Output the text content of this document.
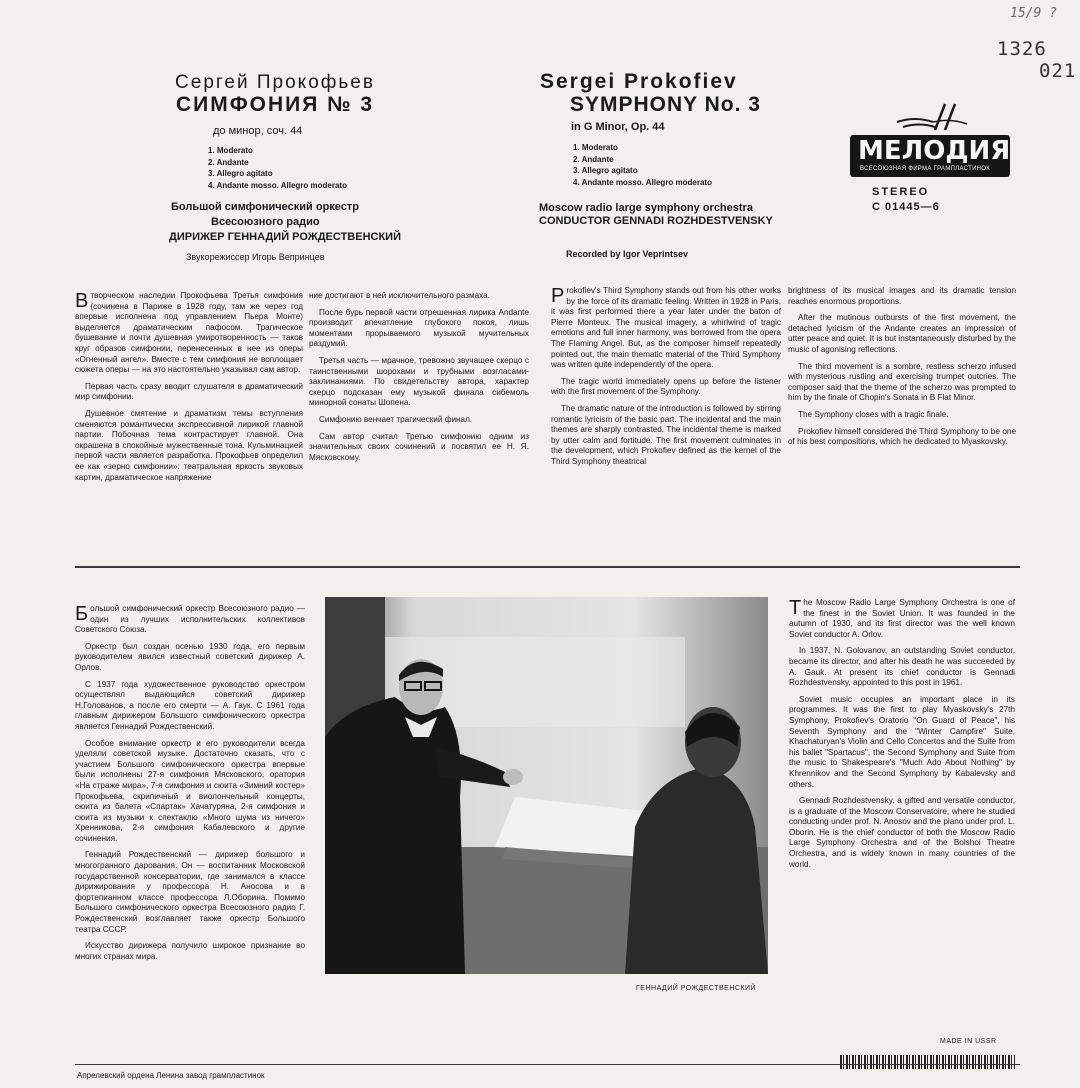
15/9 ?
1326
021
Сергей Прокофьев
СИМФОНИЯ № 3
до минор, соч. 44
1. Moderato
2. Andante
3. Allegro agitato
4. Andante mosso. Allegro moderato
Большой симфонический оркестр
Всесоюзного радио
ДИРИЖЕР ГЕННАДИЙ РОЖДЕСТВЕНСКИЙ
Звукорежиссер Игорь Вепринцев
Sergei Prokofiev
SYMPHONY No. 3
in G Minor, Op. 44
1. Moderato
2. Andante
3. Allegro agitato
4. Andante mosso. Allegro moderato
Moscow radio large symphony orchestra
CONDUCTOR GENNADI ROZHDESTVENSKY
Recorded by Igor Veprintsev
МЕЛОДИЯ
ВСЕСОЮЗНАЯ ФИРМА ГРАМПЛАСТИНОК
STEREO
С 01445—6

Втворческом наследии Прокофьева Третья симфония (сочинена в Париже в 1928 году, там же через год впервые исполнена под управлением Пьера Монте) выделяется драматическим пафосом. Трагическое бушевание и почти душевная умиротворенность — таков круг образов симфонии, перенесенных в нее из оперы «Огненный ангел». Вместе с тем симфония не воплощает сюжета оперы — на это настоятельно указывал сам автор.

Первая часть сразу вводит слушателя в драматический мир симфонии.

Душевное смятение и драматизм темы вступления сменяются романтически экспрессивной лирикой главной партии. Побочная тема контрастирует главной. Она окрашена в спокойные мужественные тона. Кульминацией первой части является разработка. Прокофьев определил ее как «зерно симфонии»: театральная яркость звуковых картин, драматическое напряжение

ние достигают в ней исключительного размаха.

После бурь первой части отрешенная лирика Andante производит впечатление глубокого покоя, лишь моментами прорываемого музыкой мучительных раздумий.

Третья часть — мрачное, тревожно звучащее скерцо с таинственными шорохами и трубными возгласами-заклинаниями. По свидетельству автора, характер скерцо подсказан ему музыкой финала сибемоль минорной сонаты Шопена.

Симфонию венчает трагический финал.

Сам автор считал Третью симфонию одним из значительных своих сочинений и посвятил ее Н. Я. Мясковскому.

Prokofiev's Third Symphony stands out from his other works by the force of its dramatic feeling. Written in 1928 in Paris, it was first performed there a year later under the baton of Pierre Monteux. The musical imagery, a whirlwind of tragic emotions and full inner harmony, was borrowed from the opera The Flaming Angel. But, as the composer himself repeatedly pointed out, the main thematic material of the Third Symphony was written quite independently of the opera.

The tragic world immediately opens up before the listener with the first movement of the Symphony.

The dramatic nature of the introduction is followed by stirring romantic lyricism of the basic part. The incidental and the main themes are sharply contrasted. The incidental theme is marked by utter calm and fortitude. The first movement culminates in the development, which Prokofiev defined as the kernel of the Third Symphony theatrical

brightness of its musical images and its dramatic tension reaches enormous proportions.

After the mutinous outbursts of the first movement, the detached lyricism of the Andante creates an impression of utter peace and quiet. It is but instantaneously disturbed by the music of agonising reflections.

The third movement is a sombre, restless scherzo infused with mysterious rustling and exercising trumpet outcries. The composer said that the theme of the scherzo was prompted to him by the finale of Chopin's Sonata in B Flat Minor.

The Symphony closes with a tragic finale.

Prokofiev himself considered the Third Symphony to be one of his best compositions, which he dedicated to Myaskovsky.

Большой симфонический оркестр Всесоюзного радио — один из лучших исполнительских коллективов Советского Союза.

Оркестр был создан осенью 1930 года, его первым руководителем явился известный советский дирижер А. Орлов.

С 1937 года художественное руководство оркестром осуществлял выдающийся советский дирижер Н.Голованов, а после его смерти — А. Гаук. С 1961 года главным дирижером Большого симфонического оркестра является Геннадий Рождественский.

Особое внимание оркестр и его руководители всегда уделяли советской музыке. Достаточно сказать, что с участием Большого симфонического оркестра впервые были исполнены 27-я симфония Мясковского, оратория «На страже мира», 7-я симфония и сюита «Зимний костер» Прокофьева, скрипичный и виолончельный концерты, сюита из балета «Спартак» Хачатуряна, 2-я симфония и сюита из музыки к спектаклю «Много шума из ничего» Хренникова, 2-я симфония Кабалевского и другие сочинения.

Геннадий Рождественский — дирижер большого и многогранного дарования. Он — воспитанник Московской государственной консерватории, где занимался в классе дирижирования у профессора Н. Аносова и в фортепианном классе профессора Л.Оборина. Помимо Большого симфонического оркестра Всесоюзного радио Г. Рождественский возглавляет также оркестр Большого театра СССР.

Искусство дирижера получило широкое признание во многих странах мира.

The Moscow Radio Large Symphony Orchestra is one of the finest in the Soviet Union. It was founded in the autumn of 1930, and its first director was the well known Soviet conductor A. Orlov.

In 1937, N. Golovanov, an outstanding Soviet conductor, became its director, and after his death he was succeeded by A. Gauk. At present its chief conductor is Gennadi Rozhdestvensky, appointed to this post in 1961.

Soviet music occupies an important place in its programmes. It was the first to play Myaskovsky's 27th Symphony, Prokofiev's Oratorio "On Guard of Peace", his Seventh Symphony and the "Winter Campfire" Suite, Khachaturyan's Violin and Cello Concertos and the Suite from his ballet "Spartacus", the Second Symphony and Suite from the music to Shakespeare's "Much Ado About Nothing" by Khrennikov and the Second Symphony by Kabalevsky and others.

Gennadi Rozhdestvensky, a gifted and versatile conductor, is a graduate of the Moscow Conservatoire, where he studied conducting under prof. N. Anosov and the piano under prof. L. Oborin. He is the chief conductor of both the Moscow Radio Large Symphony Orchestra and of the Bolshoi Theatre Orchestra, and is widely known in many countries of the world.

ГЕННАДИЙ РОЖДЕСТВЕНСКИЙ
MADE IN USSR
Апрелевский ордена Ленина завод грампластинок
